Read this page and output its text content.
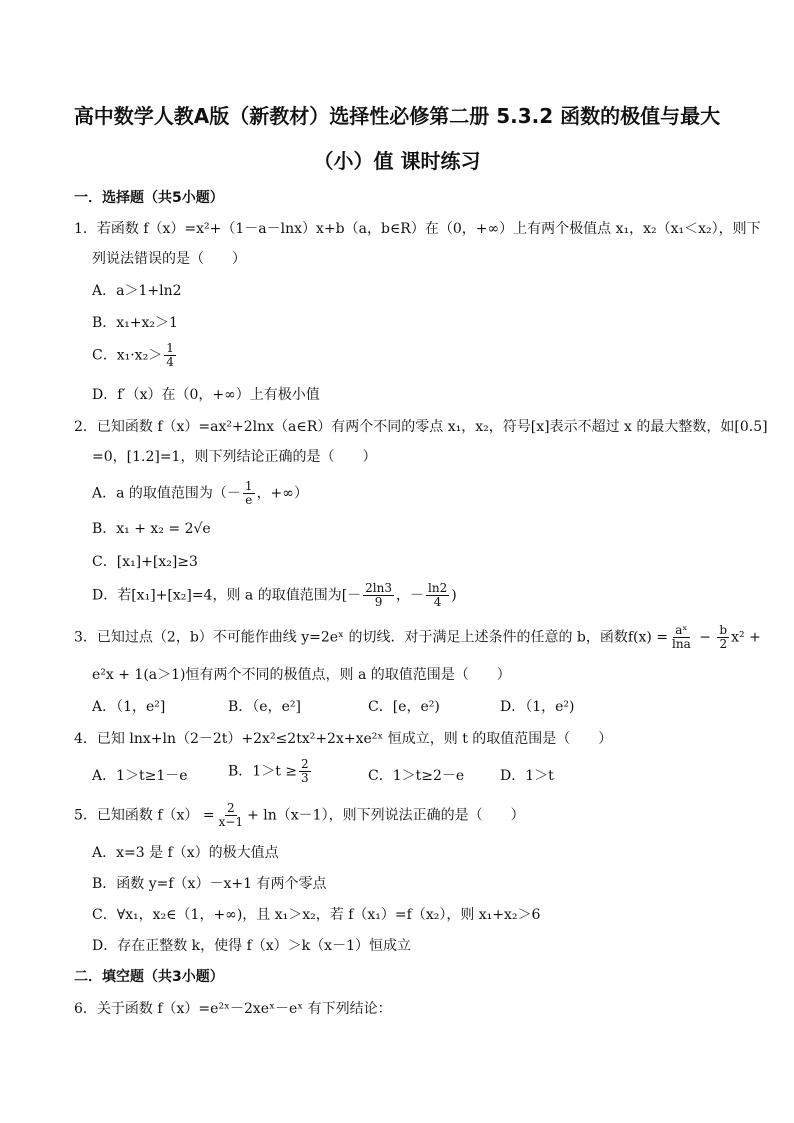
高中数学人教A版（新教材）选择性必修第二册 5.3.2 函数的极值与最大
（小）值 课时练习
一．选择题（共5小题）
1．若函数 f（x）=x²+（1－a－lnx）x+b（a，b∈R）在（0，+∞）上有两个极值点 x₁，x₂（x₁＜x₂），则下
列说法错误的是（　　）
A．a＞1+ln2
B．x₁+x₂＞1
C．$x_1\cdot x_2> \frac{1}{4}$
D．f′（x）在（0，+∞）上有极小值
2．已知函数 f（x）=ax²+2lnx（a∈R）有两个不同的零点 x₁，x₂，符号[x]表示不超过 x 的最大整数，如[0.5]
=0，[1.2]=1，则下列结论正确的是（　　）
A．a 的取值范围为（－ $\frac{1}{e}$ ，+∞）
B．x₁ + x₂ = 2√e
C．[x₁]+[x₂]≥3
D．若[x₁]+[x₂]=4，则 a 的取值范围为[－ $\frac{2\ln 3}{9}$ ，－ $\frac{\ln 2}{4}$ )
3．已知过点（2，b）不可能作曲线 y=2eˣ 的切线．对于满足上述条件的任意的 b，函数$f(x) = \frac{\text{aˣ}}{\ln a} - \frac{b}{2} x^2$ +
e²x + 1(a＞1)恒有两个不同的极值点，则 a 的取值范围是（　　）
A．（1，e²]	B．（e，e²]	C．[e，e²)	D．（1，e²)
4．已知 lnx+ln（2－2t）+2x²≤2tx²+2x+xe²ˣ 恒成立，则 t 的取值范围是（　　）
A．1＞t≥1－e	B．$1>t \ge \frac{2}{3}$	C．1＞t≥2－e	D．1＞t
5．已知函数 $f(x) = \frac{2}{x-1} + \ln(x-1)$，则下列说法正确的是（　　）
A．x=3 是 f（x）的极大值点
B．函数 y=f（x）－x+1 有两个零点
C．∀x₁，x₂∈（1，+∞)，且 x₁＞x₂，若 f（x₁）=f（x₂），则 x₁+x₂＞6
D．存在正整数 k，使得 f（x）＞k（x－1）恒成立
二．填空题（共3小题）
6．关于函数 f（x）=e²ˣ－2xeˣ－eˣ 有下列结论：
